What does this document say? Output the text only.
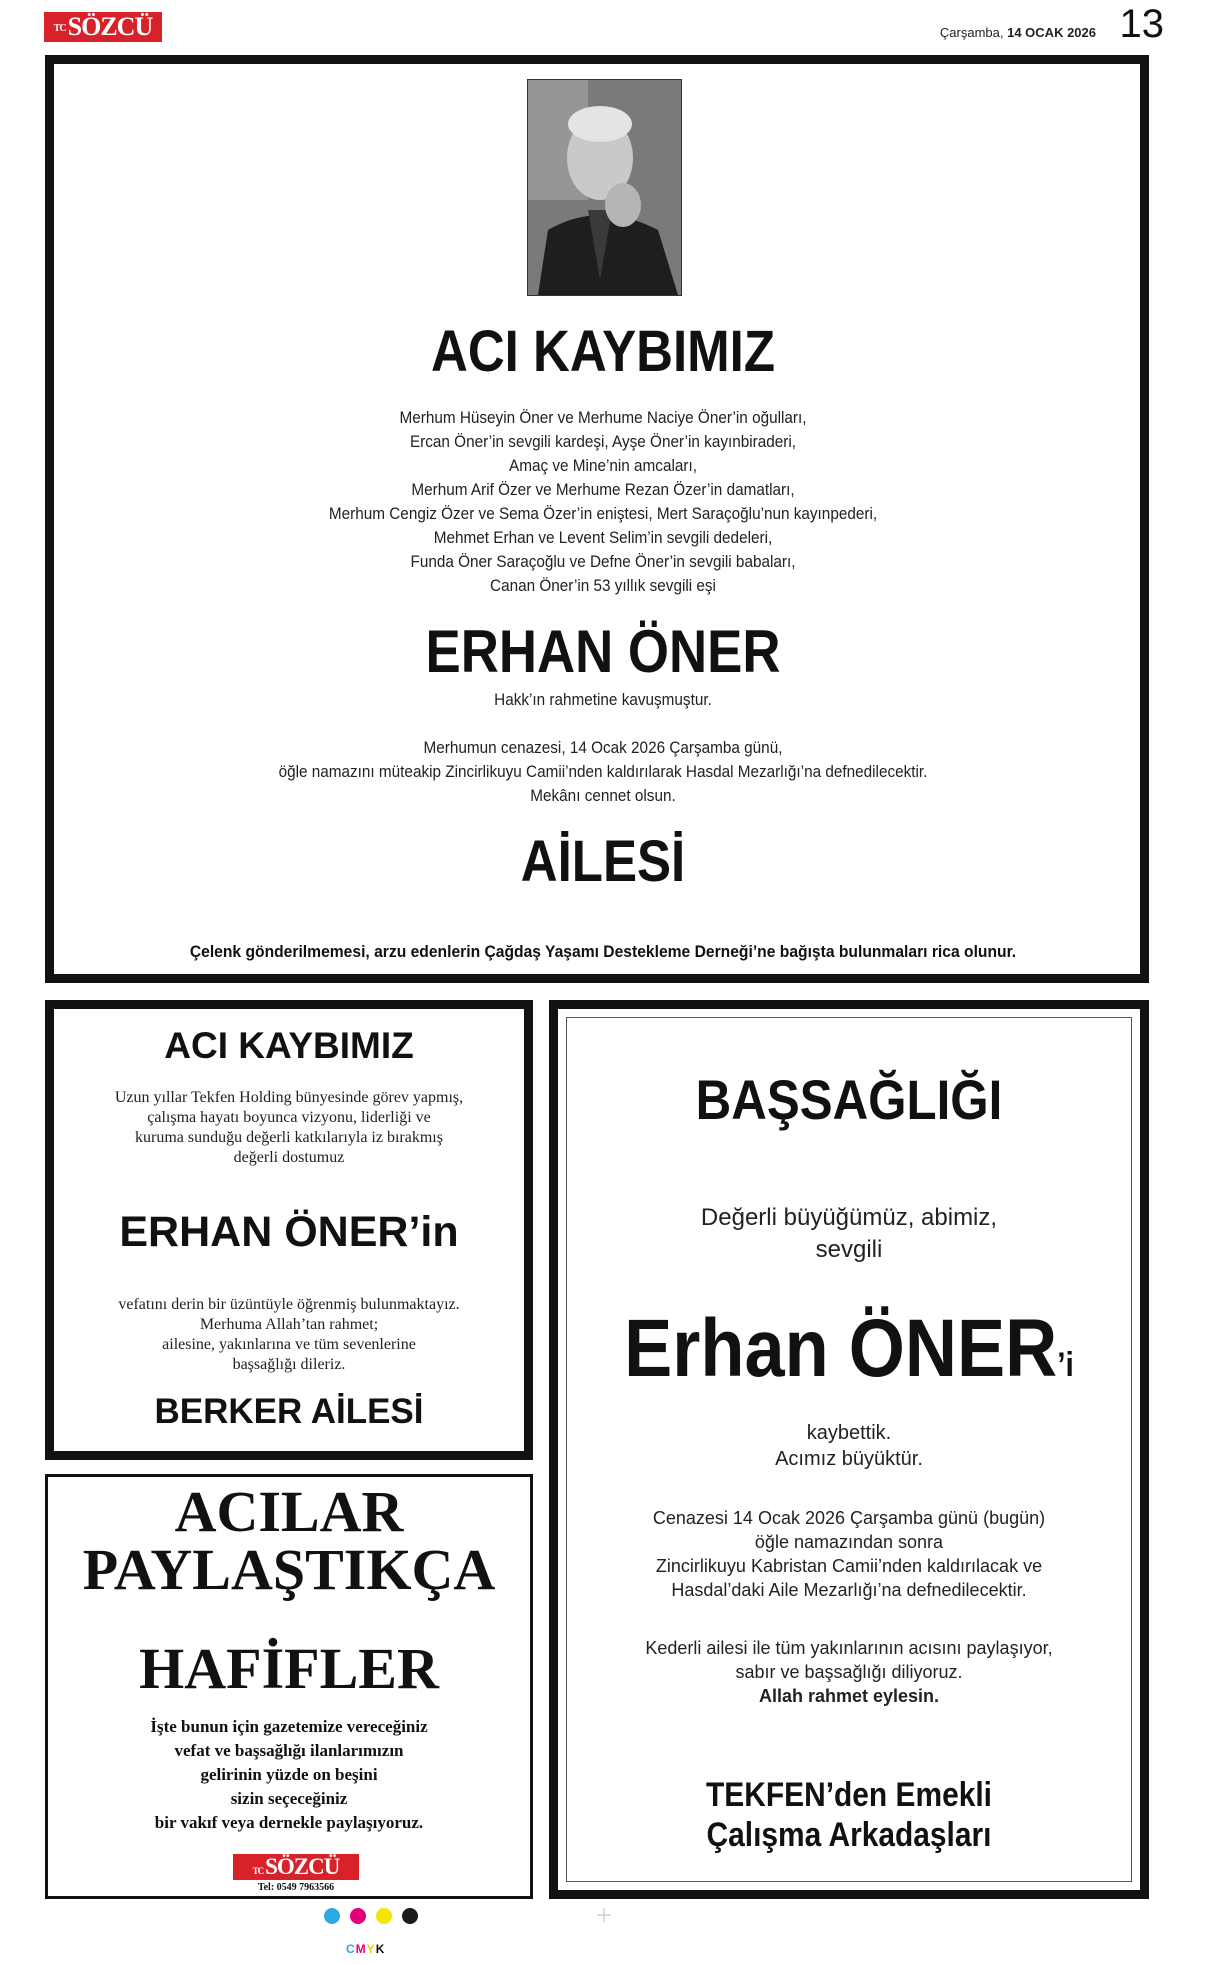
TCSÖZCÜ	Çarşamba, 14 OCAK 2026 13
ACI KAYBIMIZ
Merhum Hüseyin Öner ve Merhume Naciye Öner’in oğulları,
Ercan Öner’in sevgili kardeşi, Ayşe Öner’in kayınbiraderi,
Amaç ve Mine’nin amcaları,
Merhum Arif Özer ve Merhume Rezan Özer’in damatları,
Merhum Cengiz Özer ve Sema Özer’in eniştesi, Mert Saraçoğlu’nun kayınpederi,
Mehmet Erhan ve Levent Selim’in sevgili dedeleri,
Funda Öner Saraçoğlu ve Defne Öner’in sevgili babaları,
Canan Öner’in 53 yıllık sevgili eşi
ERHAN ÖNER
Hakk’ın rahmetine kavuşmuştur.
Merhumun cenazesi, 14 Ocak 2026 Çarşamba günü,
öğle namazını müteakip Zincirlikuyu Camii’nden kaldırılarak Hasdal Mezarlığı’na defnedilecektir.
Mekânı cennet olsun.
AİLESİ
Çelenk gönderilmemesi, arzu edenlerin Çağdaş Yaşamı Destekleme Derneği’ne bağışta bulunmaları rica olunur.
ACI KAYBIMIZ
Uzun yıllar Tekfen Holding bünyesinde görev yapmış,
çalışma hayatı boyunca vizyonu, liderliği ve
kuruma sunduğu değerli katkılarıyla iz bırakmış
değerli dostumuz
ERHAN ÖNER’in
vefatını derin bir üzüntüyle öğrenmiş bulunmaktayız.
Merhuma Allah’tan rahmet;
ailesine, yakınlarına ve tüm sevenlerine
başsağlığı dileriz.
BERKER AİLESİ
ACILAR
PAYLAŞTIKÇA
HAFİFLER
İşte bunun için gazetemize vereceğiniz
vefat ve başsağlığı ilanlarımızın
gelirinin yüzde on beşini
sizin seçeceğiniz
bir vakıf veya dernekle paylaşıyoruz.
TCSÖZCÜ
Tel: 0549 7963566
BAŞSAĞLIĞI
Değerli büyüğümüz, abimiz,
sevgili
Erhan ÖNER’i
kaybettik.
Acımız büyüktür.
Cenazesi 14 Ocak 2026 Çarşamba günü (bugün)
öğle namazından sonra
Zincirlikuyu Kabristan Camii’nden kaldırılacak ve
Hasdal’daki Aile Mezarlığı’na defnedilecektir.
Kederli ailesi ile tüm yakınlarının acısını paylaşıyor,
sabır ve başsağlığı diliyoruz.
Allah rahmet eylesin.
TEKFEN’den Emekli
Çalışma Arkadaşları
CMYK
